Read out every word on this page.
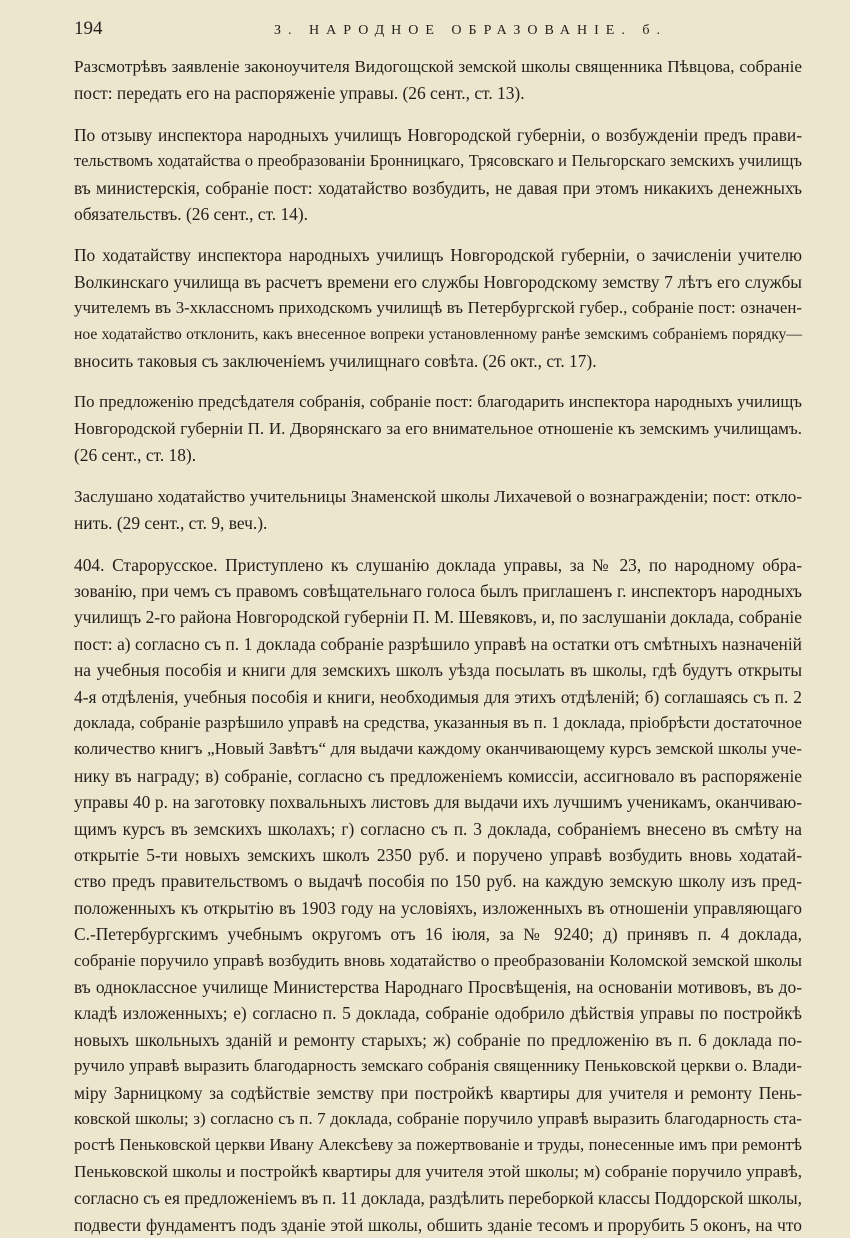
194	З. НАРОДНОЕ ОБРАЗОВАНІЕ. б.
Разсмотрѣвъ заявленіе законоучителя Видогощской земской школы священника Пѣвцова, собраніе
пост: передать его на распоряженіе управы. (26 сент., ст. 13).
По отзыву инспектора народныхъ училищъ Новгородской губерніи, о возбужденіи предъ прави-
тельствомъ ходатайства о преобразованіи Бронницкаго, Трясовскаго и Пельгорскаго земскихъ училищъ
въ министерскія, собраніе пост: ходатайство возбудить, не давая при этомъ никакихъ денежныхъ
обязательствъ. (26 сент., ст. 14).
По ходатайству инспектора народныхъ училищъ Новгородской губерніи, о зачисленіи учителю
Волкинскаго училища въ расчетъ времени его службы Новгородскому земству 7 лѣтъ его службы
учителемъ въ 3-хклассномъ приходскомъ училищѣ въ Петербургской губер., собраніе пост: означен-
ное ходатайство отклонить, какъ внесенное вопреки установленному ранѣе земскимъ собраніемъ порядку—
вносить таковыя съ заключеніемъ училищнаго совѣта. (26 окт., ст. 17).
По предложенію предсѣдателя собранія, собраніе пост: благодарить инспектора народныхъ училищъ
Новгородской губерніи П. И. Дворянскаго за его внимательное отношеніе къ земскимъ училищамъ.
(26 сент., ст. 18).
Заслушано ходатайство учительницы Знаменской школы Лихачевой о вознагражденіи; пост: откло-
нить. (29 сент., ст. 9, веч.).
404. Старорусское. Приступлено къ слушанію доклада управы, за № 23, по народному обра-
зованію, при чемъ съ правомъ совѣщательнаго голоса былъ приглашенъ г. инспекторъ народныхъ
училищъ 2-го района Новгородской губерніи П. М. Шевяковъ, и, по заслушаніи доклада, собраніе
пост: а) согласно съ п. 1 доклада собраніе разрѣшило управѣ на остатки отъ смѣтныхъ назначеній
на учебныя пособія и книги для земскихъ школъ уѣзда посылать въ школы, гдѣ будутъ открыты
4-я отдѣленія, учебныя пособія и книги, необходимыя для этихъ отдѣленій; б) соглашаясь съ п. 2
доклада, собраніе разрѣшило управѣ на средства, указанныя въ п. 1 доклада, пріобрѣсти достаточное
количество книгъ „Новый Завѣтъ“ для выдачи каждому оканчивающему курсъ земской школы уче-
нику въ награду; в) собраніе, согласно съ предложеніемъ комиссіи, ассигновало въ распоряженіе
управы 40 р. на заготовку похвальныхъ листовъ для выдачи ихъ лучшимъ ученикамъ, оканчиваю-
щимъ курсъ въ земскихъ школахъ; г) согласно съ п. 3 доклада, собраніемъ внесено въ смѣту на
открытіе 5-ти новыхъ земскихъ школъ 2350 руб. и поручено управѣ возбудить вновь ходатай-
ство предъ правительствомъ о выдачѣ пособія по 150 руб. на каждую земскую школу изъ пред-
положенныхъ къ открытію въ 1903 году на условіяхъ, изложенныхъ въ отношеніи управляющаго
С.-Петербургскимъ учебнымъ округомъ отъ 16 іюля, за № 9240; д) принявъ п. 4 доклада,
собраніе поручило управѣ возбудить вновь ходатайство о преобразованіи Коломской земской школы
въ одноклассное училище Министерства Народнаго Просвѣщенія, на основаніи мотивовъ, въ до-
кладѣ изложенныхъ; е) согласно п. 5 доклада, собраніе одобрило дѣйствія управы по постройкѣ
новыхъ школьныхъ зданій и ремонту старыхъ; ж) собраніе по предложенію въ п. 6 доклада по-
ручило управѣ выразить благодарность земскаго собранія священнику Пеньковской церкви о. Влади-
міру Зарницкому за содѣйствіе земству при постройкѣ квартиры для учителя и ремонту Пень-
ковской школы; з) согласно съ п. 7 доклада, собраніе поручило управѣ выразить благодарность ста-
ростѣ Пеньковской церкви Ивану Алексѣеву за пожертвованіе и труды, понесенные имъ при ремонтѣ
Пеньковской школы и постройкѣ квартиры для учителя этой школы; м) собраніе поручило управѣ,
согласно съ ея предложеніемъ въ п. 11 доклада, раздѣлить переборкой классы Поддорской школы,
подвести фундаментъ подъ зданіе этой школы, обшить зданіе тесомъ и прорубить 5 оконъ, на что
